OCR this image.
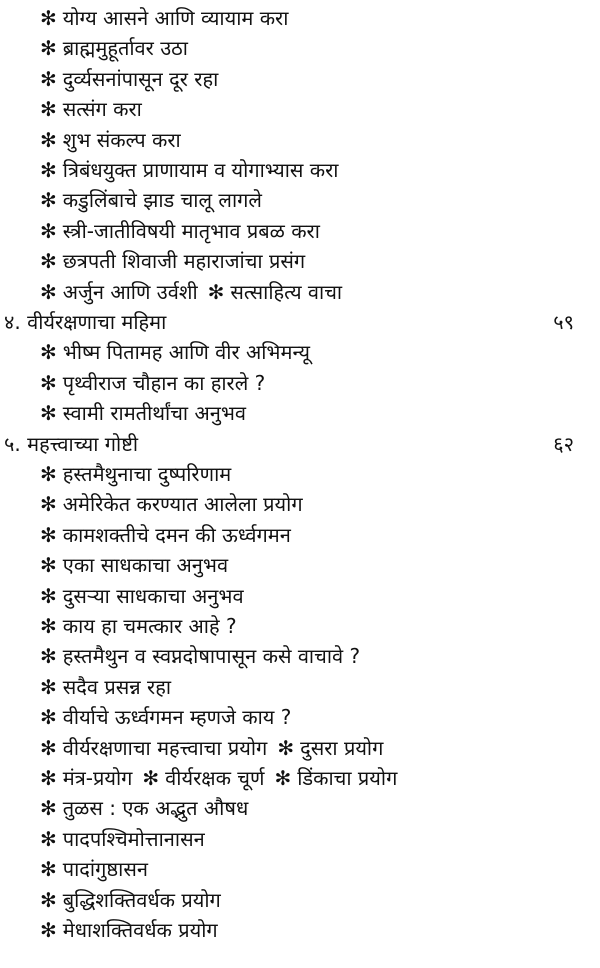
✻ योग्य आसने आणि व्यायाम करा
✻ ब्राह्ममुहूर्तावर उठा
✻ दुर्व्यसनांपासून दूर रहा
✻ सत्संग करा
✻ शुभ संकल्प करा
✻ त्रिबंधयुक्त प्राणायाम व योगाभ्यास करा
✻ कडुलिंबाचे झाड चालू लागले
✻ स्त्री-जातीविषयी मातृभाव प्रबळ करा
✻ छत्रपती शिवाजी महाराजांचा प्रसंग
✻ अर्जुन आणि उर्वशी ✻ सत्साहित्य वाचा
४. वीर्यरक्षणाचा महिमा	५९
✻ भीष्म पितामह आणि वीर अभिमन्यू
✻ पृथ्वीराज चौहान का हारले ?
✻ स्वामी रामतीर्थांचा अनुभव
५. महत्त्वाच्या गोष्टी	६२
✻ हस्तमैथुनाचा दुष्परिणाम
✻ अमेरिकेत करण्यात आलेला प्रयोग
✻ कामशक्तीचे दमन की ऊर्ध्वगमन
✻ एका साधकाचा अनुभव
✻ दुसऱ्या साधकाचा अनुभव
✻ काय हा चमत्कार आहे ?
✻ हस्तमैथुन व स्वप्नदोषापासून कसे वाचावे ?
✻ सदैव प्रसन्न रहा
✻ वीर्याचे ऊर्ध्वगमन म्हणजे काय ?
✻ वीर्यरक्षणाचा महत्त्वाचा प्रयोग ✻ दुसरा प्रयोग
✻ मंत्र-प्रयोग ✻ वीर्यरक्षक चूर्ण ✻ डिंकाचा प्रयोग
✻ तुळस : एक अद्भुत औषध
✻ पादपश्चिमोत्तानासन
✻ पादांगुष्ठासन
✻ बुद्धिशक्तिवर्धक प्रयोग
✻ मेधाशक्तिवर्धक प्रयोग
